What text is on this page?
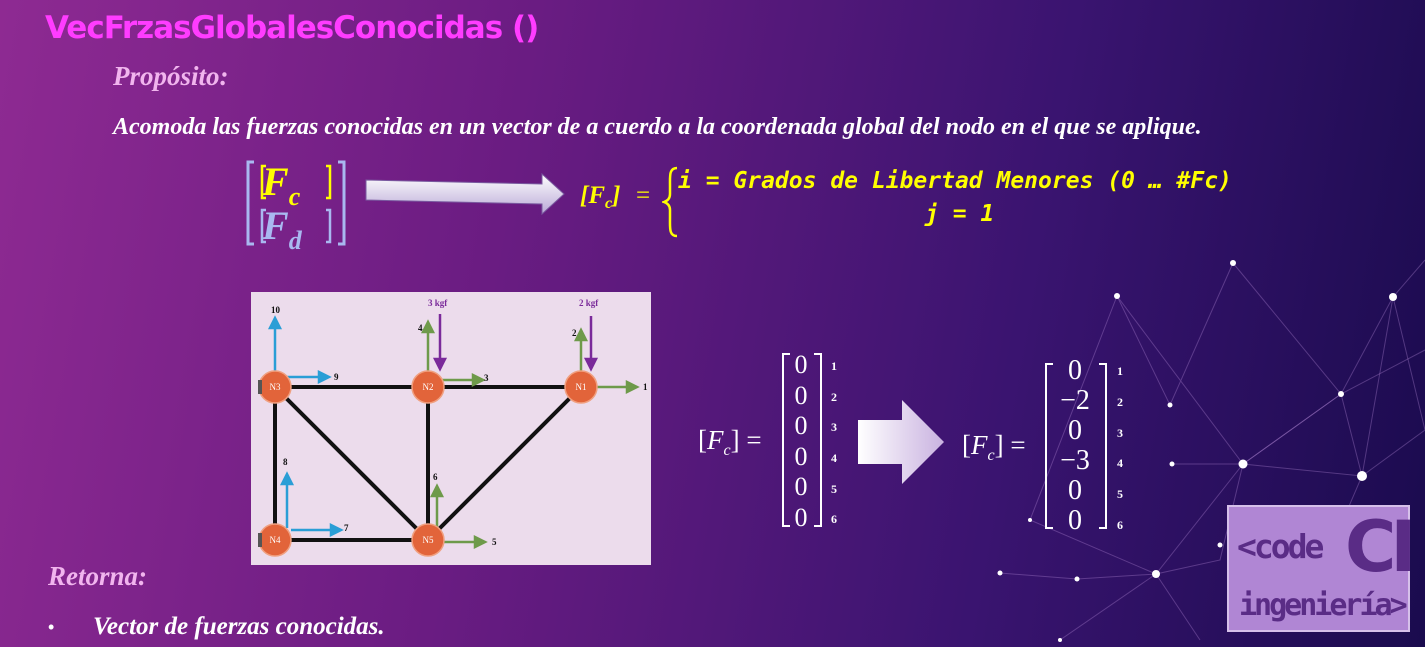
VecFrzasGlobalesConocidas ()
Propósito:
Acomoda las fuerzas conocidas en un vector de a cuerdo a la coordenada global del nodo en el que se aplique.
$F_c$
$F_d$
$[F_c]$ =
i = Grados de Libertad Menores (0 … #Fc)
j = 1
N1
N2
N3
N4	N5
1
2
3
4
5
6
7
8
9
10
3 kgf	2 kgf
$[F_c]$ =
0
0
0
0
0
0
1
2
3
4
5
6
$[F_c]$ =
0
−2
0
−3
0
0
1
2
3
4
5
6
Retorna:
• Vector de fuerzas conocidas.
<code CI
ingeniería>
